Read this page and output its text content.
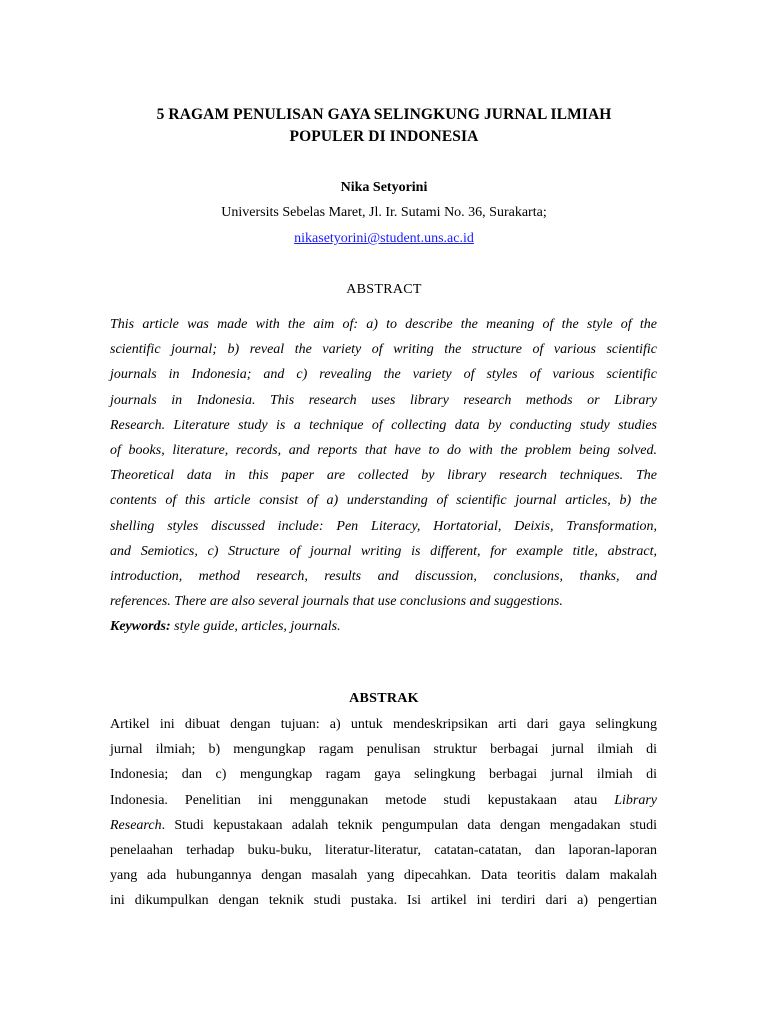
5 RAGAM PENULISAN GAYA SELINGKUNG JURNAL ILMIAH
POPULER DI INDONESIA
Nika Setyorini
Universits Sebelas Maret, Jl. Ir. Sutami No. 36, Surakarta;
nikasetyorini@student.uns.ac.id
ABSTRACT
This article was made with the aim of: a) to describe the meaning of the style of the
scientific journal; b) reveal the variety of writing the structure of various scientific
journals in Indonesia; and c) revealing the variety of styles of various scientific
journals in Indonesia. This research uses library research methods or Library
Research. Literature study is a technique of collecting data by conducting study studies
of books, literature, records, and reports that have to do with the problem being solved.
Theoretical data in this paper are collected by library research techniques. The
contents of this article consist of a) understanding of scientific journal articles, b) the
shelling styles discussed include: Pen Literacy, Hortatorial, Deixis, Transformation,
and Semiotics, c) Structure of journal writing is different, for example title, abstract,
introduction, method research, results and discussion, conclusions, thanks, and
references. There are also several journals that use conclusions and suggestions.
Keywords: style guide, articles, journals.
ABSTRAK
Artikel ini dibuat dengan tujuan: a) untuk mendeskripsikan arti dari gaya selingkung
jurnal ilmiah; b) mengungkap ragam penulisan struktur berbagai jurnal ilmiah di
Indonesia; dan c) mengungkap ragam gaya selingkung berbagai jurnal ilmiah di
Indonesia. Penelitian ini menggunakan metode studi kepustakaan atau Library
Research. Studi kepustakaan adalah teknik pengumpulan data dengan mengadakan studi
penelaahan terhadap buku-buku, literatur-literatur, catatan-catatan, dan laporan-laporan
yang ada hubungannya dengan masalah yang dipecahkan. Data teoritis dalam makalah
ini dikumpulkan dengan teknik studi pustaka. Isi artikel ini terdiri dari a) pengertian
